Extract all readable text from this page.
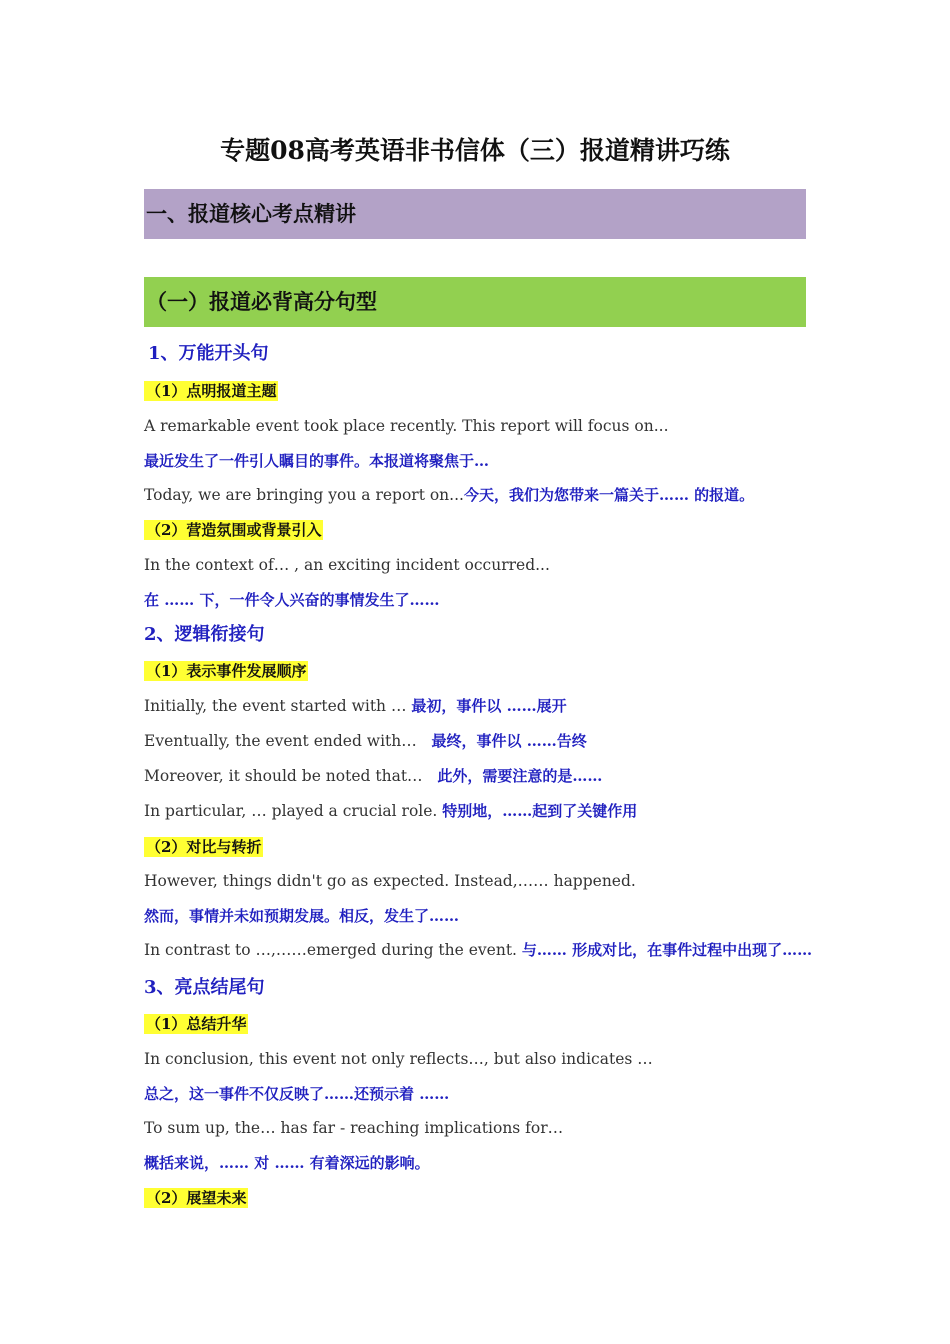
专题08高考英语非书信体（三）报道精讲巧练
一、报道核心考点精讲
（一）报道必背高分句型
1、万能开头句
（1）点明报道主题
A remarkable event took place recently. This report will focus on...
最近发生了一件引人瞩目的事件。本报道将聚焦于…
Today, we are bringing you a report on...今天，我们为您带来一篇关于…… 的报道。
（2）营造氛围或背景引入
In the context of… , an exciting incident occurred...
在 …… 下，一件令人兴奋的事情发生了……
2、逻辑衔接句
（1）表示事件发展顺序
Initially, the event started with … 最初，事件以 ……展开
Eventually, the event ended with… 最终，事件以 ……告终
Moreover, it should be noted that… 此外，需要注意的是……
In particular, … played a crucial role. 特别地，……起到了关键作用
（2）对比与转折
However, things didn't go as expected. Instead,…… happened.
然而，事情并未如预期发展。相反，发生了……
In contrast to …,……emerged during the event. 与…… 形成对比，在事件过程中出现了……
3、亮点结尾句
（1）总结升华
In conclusion, this event not only reflects…, but also indicates …
总之，这一事件不仅反映了……还预示着 ……
To sum up, the… has far - reaching implications for…
概括来说，…… 对 …… 有着深远的影响。
（2）展望未来
